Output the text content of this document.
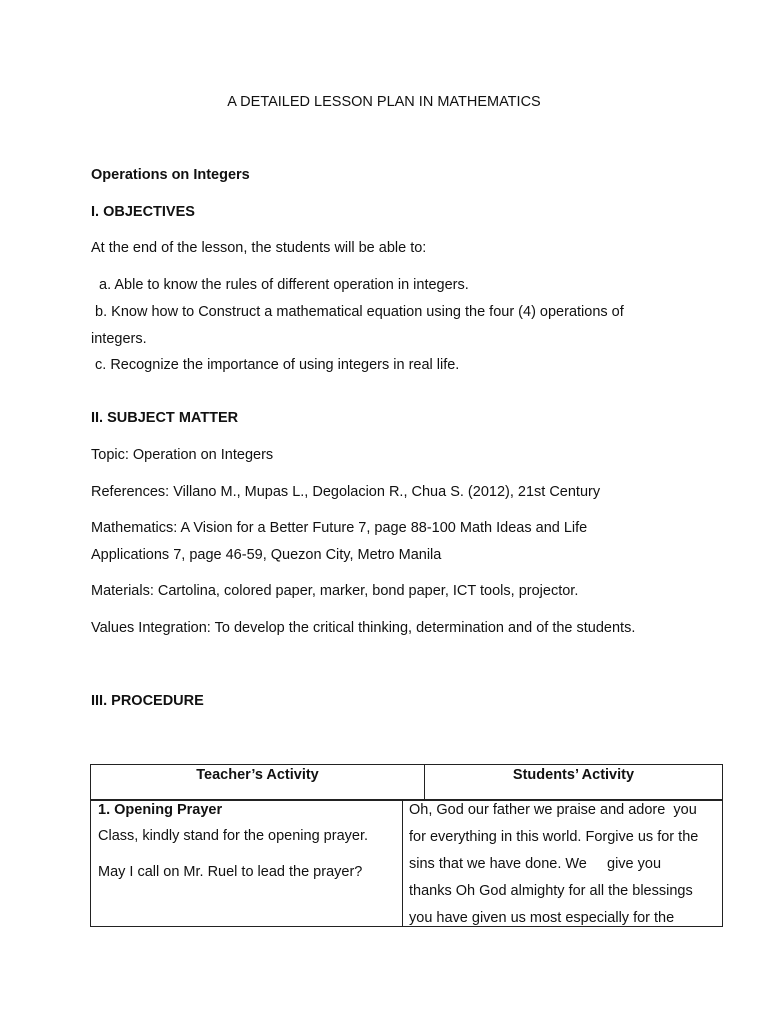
A DETAILED LESSON PLAN IN MATHEMATICS
Operations on Integers
I. OBJECTIVES
At the end of the lesson, the students will be able to:
a. Able to know the rules of different operation in integers.
b. Know how to Construct a mathematical equation using the four (4) operations of
integers.
c. Recognize the importance of using integers in real life.
II. SUBJECT MATTER
Topic: Operation on Integers
References: Villano M., Mupas L., Degolacion R., Chua S. (2012), 21st Century
Mathematics: A Vision for a Better Future 7, page 88-100 Math Ideas and Life
Applications 7, page 46-59, Quezon City, Metro Manila
Materials: Cartolina, colored paper, marker, bond paper, ICT tools, projector.
Values Integration: To develop the critical thinking, determination and of the students.
III. PROCEDURE
Teacher’s Activity	Students’ Activity
1. Opening Prayer
Class, kindly stand for the opening prayer.
May I call on Mr. Ruel to lead the prayer?
Oh, God our father we praise and adore  you
for everything in this world. Forgive us for the
sins that we have done. We     give you
thanks Oh God almighty for all the blessings
you have given us most especially for the
